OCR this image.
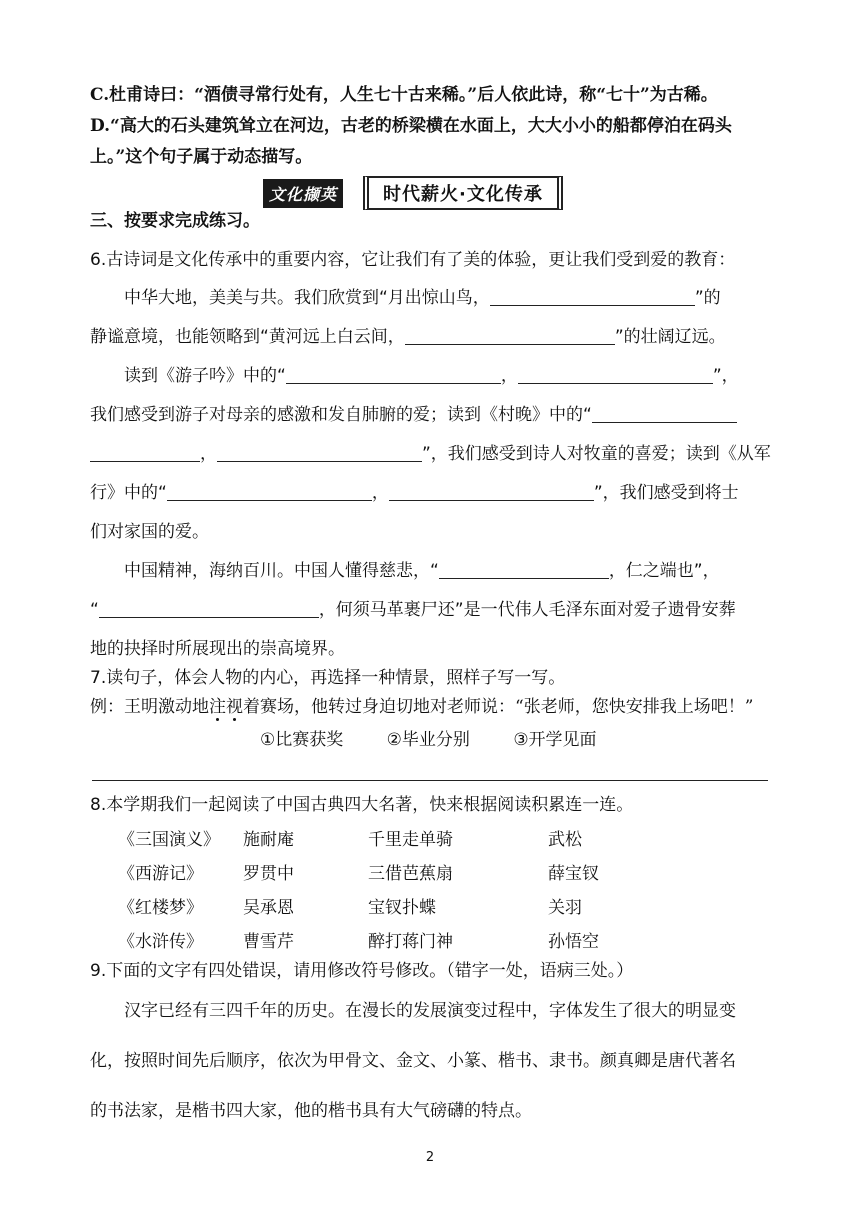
C.杜甫诗曰：“酒债寻常行处有，人生七十古来稀。”后人依此诗，称“七十”为古稀。
D.“高大的石头建筑耸立在河边，古老的桥梁横在水面上，大大小小的船都停泊在码头
上。”这个句子属于动态描写。
文化撷英	时代薪火·文化传承
三、按要求完成练习。
6.古诗词是文化传承中的重要内容，它让我们有了美的体验，更让我们受到爱的教育：
中华大地，美美与共。我们欣赏到“月出惊山鸟，	”的
静谧意境，也能领略到“黄河远上白云间，	”的壮阔辽远。
读到《游子吟》中的“	，	”，
我们感受到游子对母亲的感激和发自肺腑的爱；读到《村晚》中的“
，	”，我们感受到诗人对牧童的喜爱；读到《从军
行》中的“	，	”，我们感受到将士
们对家国的爱。
中国精神，海纳百川。中国人懂得慈悲，“	，仁之端也”，
“	，何须马革裹尸还”是一代伟人毛泽东面对爱子遗骨安葬
地的抉择时所展现出的崇高境界。
7.读句子，体会人物的内心，再选择一种情景，照样子写一写。
例：王明激动地注视着赛场，他转过身迫切地对老师说：“张老师，您快安排我上场吧！”
①比赛获奖	②毕业分别	③开学见面
8.本学期我们一起阅读了中国古典四大名著，快来根据阅读积累连一连。
《三国演义》	施耐庵	千里走单骑	武松
《西游记》	罗贯中	三借芭蕉扇	薛宝钗
《红楼梦》	吴承恩	宝钗扑蝶	关羽
《水浒传》	曹雪芹	醉打蒋门神	孙悟空
9.下面的文字有四处错误，请用修改符号修改。（错字一处，语病三处。）
汉字已经有三四千年的历史。在漫长的发展演变过程中，字体发生了很大的明显变
化，按照时间先后顺序，依次为甲骨文、金文、小篆、楷书、隶书。颜真卿是唐代著名
的书法家，是楷书四大家，他的楷书具有大气磅礴的特点。
2
